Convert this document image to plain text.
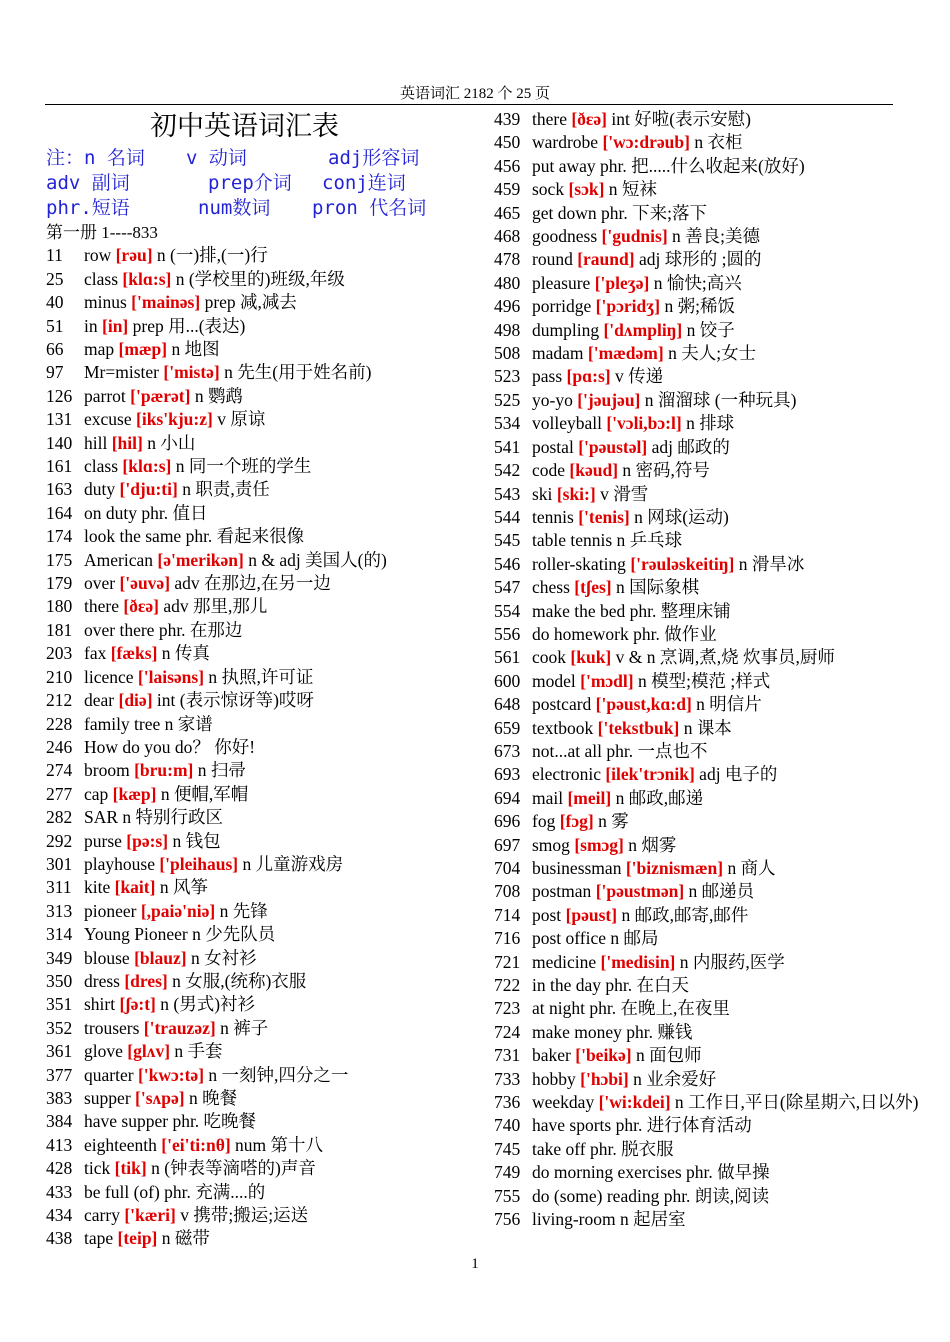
英语词汇 2182 个 25 页
初中英语词汇表
注：n 名词 v 动词	adj形容词
adv 副词	prep介词 conj连词
phr.短语	num数词 pron 代名词
第一册 1----833
11 row [rəu] n (一)排,(一)行
25 class [klɑ:s] n (学校里的)班级,年级
40 minus ['mainəs] prep 减,减去
51 in [in] prep 用...(表达)
66 map [mæp] n 地图
97 Mr=mister ['mistə] n 先生(用于姓名前)
126 parrot ['pærət] n 鹦鹉
131 excuse [iks'kju:z] v 原谅
140 hill [hil] n 小山
161 class [klɑ:s] n 同一个班的学生
163 duty ['dju:ti] n 职责,责任
164 on duty phr. 值日
174 look the same phr. 看起来很像
175 American [ə'merikən] n & adj 美国人(的)
179 over ['əuvə] adv 在那边,在另一边
180 there [ðɛə] adv 那里,那儿
181 over there phr. 在那边
203 fax [fæks] n 传真
210 licence ['laisəns] n 执照,许可证
212 dear [diə] int (表示惊讶等)哎呀
228 family tree n 家谱
246 How do you do？ 你好!
274 broom [bru:m] n 扫帚
277 cap [kæp] n 便帽,军帽
282 SAR n 特别行政区
292 purse [pə:s] n 钱包
301 playhouse ['pleihaus] n 儿童游戏房
311 kite [kait] n 风筝
313 pioneer [,paiə'niə] n 先锋
314 Young Pioneer n 少先队员
349 blouse [blauz] n 女衬衫
350 dress [dres] n 女服,(统称)衣服
351 shirt [ʃə:t] n (男式)衬衫
352 trousers ['trauzəz] n 裤子
361 glove [glʌv] n 手套
377 quarter ['kwɔ:tə] n 一刻钟,四分之一
383 supper ['sʌpə] n 晚餐
384 have supper phr. 吃晚餐
413 eighteenth ['ei'ti:nθ] num 第十八
428 tick [tik] n (钟表等滴嗒的)声音
433 be full (of) phr. 充满....的
434 carry ['kæri] v 携带;搬运;运送
438 tape [teip] n 磁带
439 there [ðɛə] int 好啦(表示安慰)
450 wardrobe ['wɔ:drəub] n 衣柜
456 put away phr. 把.....什么收起来(放好)
459 sock [sɔk] n 短袜
465 get down phr. 下来;落下
468 goodness ['gudnis] n 善良;美德
478 round [raund] adj 球形的 ;圆的
480 pleasure ['pleʒə] n 愉快;高兴
496 porridge ['pɔridʒ] n 粥;稀饭
498 dumpling ['dʌmpliŋ] n 饺子
508 madam ['mædəm] n 夫人;女士
523 pass [pɑ:s] v 传递
525 yo-yo ['jəujəu] n 溜溜球 (一种玩具)
534 volleyball ['vɔli,bɔ:l] n 排球
541 postal ['pəustəl] adj 邮政的
542 code [kəud] n 密码,符号
543 ski [ski:] v 滑雪
544 tennis ['tenis] n 网球(运动)
545 table tennis n 乒乓球
546 roller-skating ['rəuləskeitiŋ] n 滑旱冰
547 chess [tʃes] n 国际象棋
554 make the bed phr. 整理床铺
556 do homework phr. 做作业
561 cook [kuk] v & n 烹调,煮,烧 炊事员,厨师
600 model ['mɔdl] n 模型;模范 ;样式
648 postcard ['pəust,kɑ:d] n 明信片
659 textbook ['tekstbuk] n 课本
673 not...at all phr. 一点也不
693 electronic [ilek'trɔnik] adj 电子的
694 mail [meil] n 邮政,邮递
696 fog [fɔg] n 雾
697 smog [smɔg] n 烟雾
704 businessman ['biznismæn] n 商人
708 postman ['pəustmən] n 邮递员
714 post [pəust] n 邮政,邮寄,邮件
716 post office n 邮局
721 medicine ['medisin] n 内服药,医学
722 in the day phr. 在白天
723 at night phr. 在晚上,在夜里
724 make money phr. 赚钱
731 baker ['beikə] n 面包师
733 hobby ['hɔbi] n 业余爱好
736 weekday ['wi:kdei] n 工作日,平日(除星期六,日以外)
740 have sports phr. 进行体育活动
745 take off phr. 脱衣服
749 do morning exercises phr. 做早操
755 do (some) reading phr. 朗读,阅读
756 living-room n 起居室
1
